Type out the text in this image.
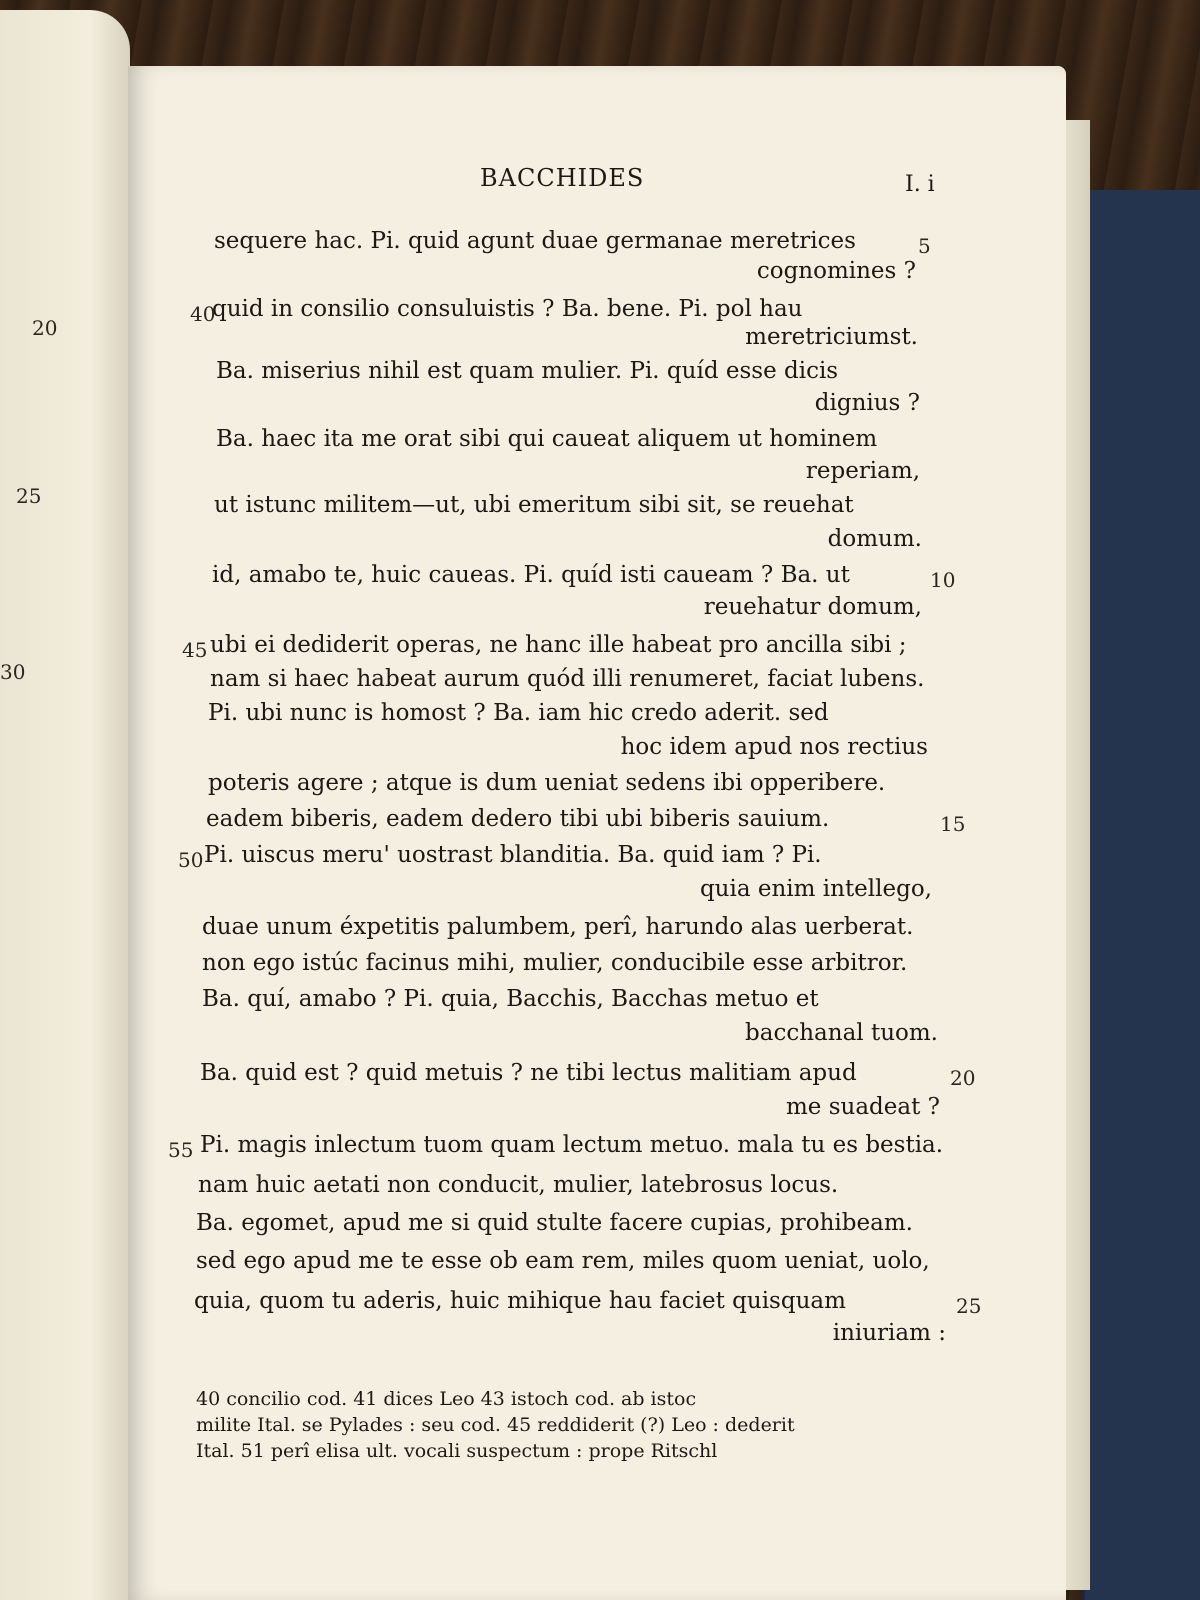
20
25
30
BACCHIDES	I. i
sequere hac. Pi. quid agunt duae germanae meretrices	5
cognomines ?
quid in consilio consuluistis ? Ba. bene. Pi. pol hau
40
meretriciumst.
Ba. miserius nihil est quam mulier. Pi. quíd esse dicis
dignius ?
Ba. haec ita me orat sibi qui caueat aliquem ut hominem
reperiam,
ut istunc militem—ut, ubi emeritum sibi sit, se reuehat
domum.
id, amabo te, huic caueas. Pi. quíd isti caueam ? Ba. ut	10
reuehatur domum,
ubi ei dediderit operas, ne hanc ille habeat pro ancilla sibi ;
45
nam si haec habeat aurum quód illi renumeret, faciat lubens.
Pi. ubi nunc is homost ? Ba. iam hic credo aderit. sed
hoc idem apud nos rectius
poteris agere ; atque is dum ueniat sedens ibi opperibere.
eadem biberis, eadem dedero tibi ubi biberis sauium.	15
Pi. uiscus meru' uostrast blanditia. Ba. quid iam ? Pi.
50
quia enim intellego,
duae unum éxpetitis palumbem, perî, harundo alas uerberat.
non ego istúc facinus mihi, mulier, conducibile esse arbitror.
Ba. quí, amabo ? Pi. quia, Bacchis, Bacchas metuo et
bacchanal tuom.
Ba. quid est ? quid metuis ? ne tibi lectus malitiam apud	20
me suadeat ?
Pi. magis inlectum tuom quam lectum metuo. mala tu es bestia.
55
nam huic aetati non conducit, mulier, latebrosus locus.
Ba. egomet, apud me si quid stulte facere cupias, prohibeam.
sed ego apud me te esse ob eam rem, miles quom ueniat, uolo,
quia, quom tu aderis, huic mihique hau faciet quisquam	25
iniuriam :
40 concilio cod. 41 dices Leo 43 istoch cod. ab istoc
milite Ital. se Pylades : seu cod. 45 reddiderit (?) Leo : dederit
Ital. 51 perî elisa ult. vocali suspectum : prope Ritschl
